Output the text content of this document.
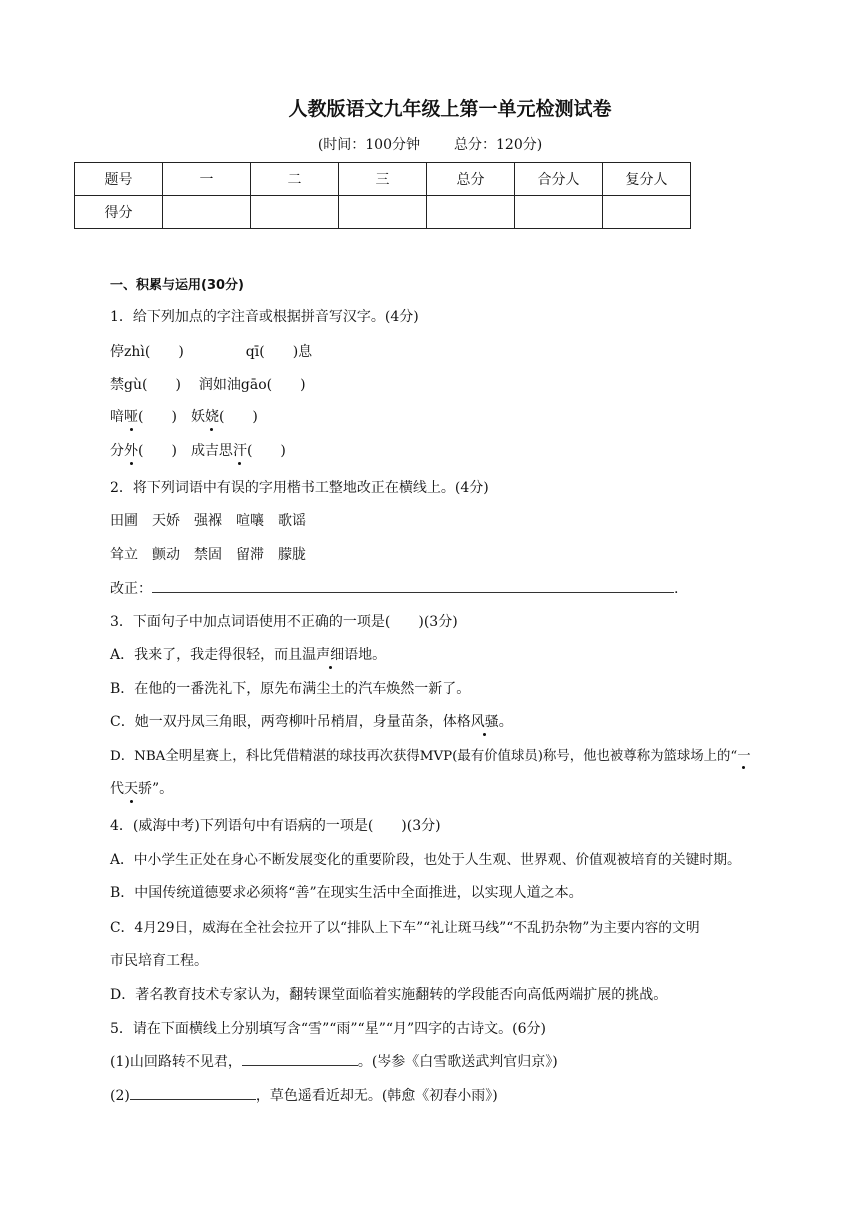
人教版语文九年级上第一单元检测试卷
(时间：100分钟 总分：120分)
题号	一	二	三	总分	合分人	复分人
得分						
一、积累与运用(30分)
1．给下列加点的字注音或根据拼音写汉字。(4分)
停zhì(　　)	qī(　　)息
禁gù(　　) 润如油gāo(　　)
喑哑(　　) 妖娆(　　)
分外(　　) 成吉思汗(　　)
2．将下列词语中有误的字用楷书工整地改正在横线上。(4分)
田圃 天娇 强褓 喧嚷 歌谣
耸立 颤动 禁固 留滞 朦胧
改正：	.
3．下面句子中加点词语使用不正确的一项是(　　)(3分)
A．我来了，我走得很轻，而且温声细语地。
B．在他的一番洗礼下，原先布满尘土的汽车焕然一新了。
C．她一双丹凤三角眼，两弯柳叶吊梢眉，身量苗条，体格风骚。
D．NBA全明星赛上，科比凭借精湛的球技再次获得MVP(最有价值球员)称号，他也被尊称为篮球场上的“一
代天骄”。
4．(威海中考)下列语句中有语病的一项是(　　)(3分)
A．中小学生正处在身心不断发展变化的重要阶段，也处于人生观、世界观、价值观被培育的关键时期。
B．中国传统道德要求必须将“善”在现实生活中全面推进，以实现人道之本。
C．4月29日，威海在全社会拉开了以“排队上下车”“礼让斑马线”“不乱扔杂物”为主要内容的文明
市民培育工程。
D．著名教育技术专家认为，翻转课堂面临着实施翻转的学段能否向高低两端扩展的挑战。
5．请在下面横线上分别填写含“雪”“雨”“星”“月”四字的古诗文。(6分)
(1)山回路转不见君，	。(岑参《白雪歌送武判官归京》)
(2)	，草色遥看近却无。(韩愈《初春小雨》)
